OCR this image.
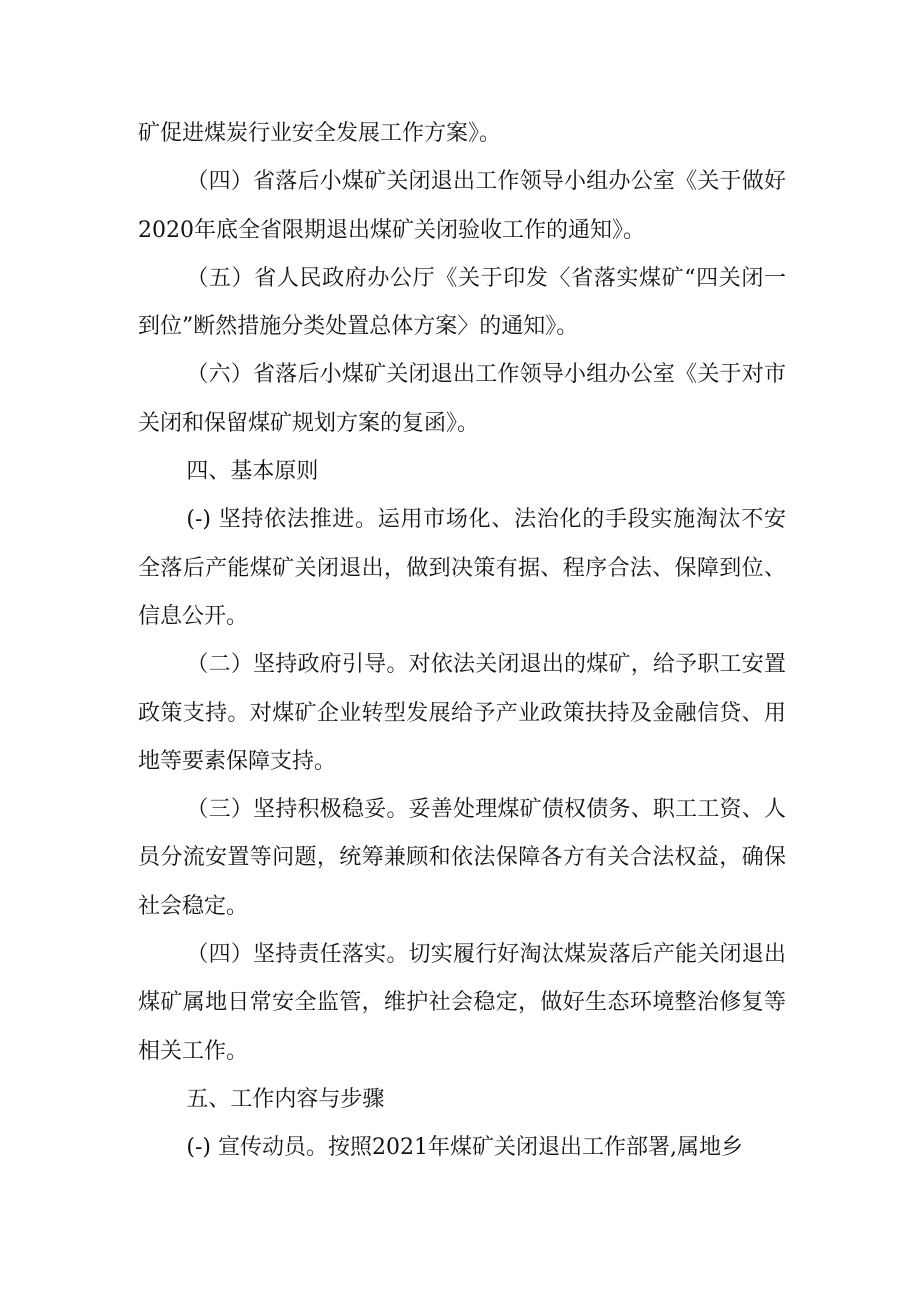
矿促进煤炭行业安全发展工作方案》。

（四）省落后小煤矿关闭退出工作领导小组办公室《关于做好2020年底全省限期退出煤矿关闭验收工作的通知》。

（五）省人民政府办公厅《关于印发〈省落实煤矿“四关闭一到位”断然措施分类处置总体方案〉的通知》。

（六）省落后小煤矿关闭退出工作领导小组办公室《关于对市关闭和保留煤矿规划方案的复函》。

四、基本原则

(-) 坚持依法推进。运用市场化、法治化的手段实施淘汰不安全落后产能煤矿关闭退出，做到决策有据、程序合法、保障到位、信息公开。

（二）坚持政府引导。对依法关闭退出的煤矿，给予职工安置政策支持。对煤矿企业转型发展给予产业政策扶持及金融信贷、用地等要素保障支持。

（三）坚持积极稳妥。妥善处理煤矿债权债务、职工工资、人员分流安置等问题，统筹兼顾和依法保障各方有关合法权益，确保社会稳定。

（四）坚持责任落实。切实履行好淘汰煤炭落后产能关闭退出煤矿属地日常安全监管，维护社会稳定，做好生态环境整治修复等相关工作。

五、工作内容与步骤

(-) 宣传动员。按照2021年煤矿关闭退出工作部署,属地乡
